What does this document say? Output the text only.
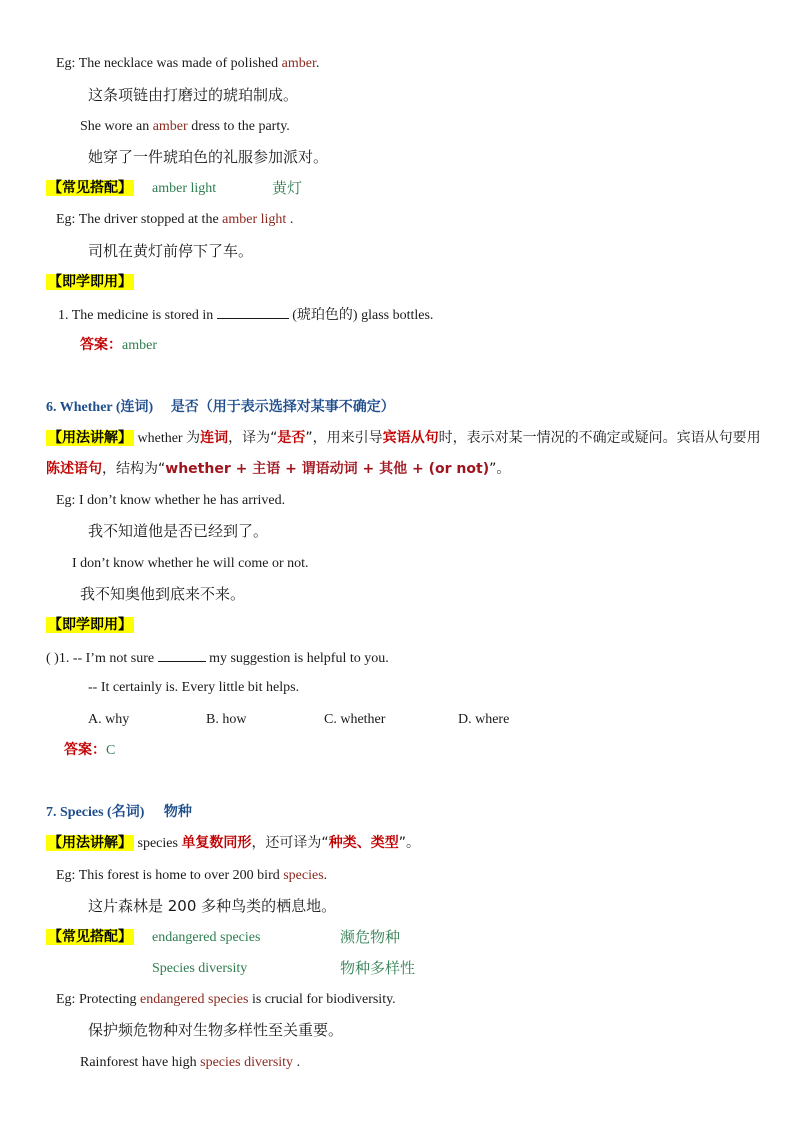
Eg: The necklace was made of polished amber.
这条项链由打磨过的琥珀制成。
She wore an amber dress to the party.
她穿了一件琥珀色的礼服参加派对。
【常见搭配】 amber light	黄灯
Eg: The driver stopped at the amber light .
司机在黄灯前停下了车。
【即学即用】
1. The medicine is stored in	(琥珀色的) glass bottles.
答案：amber
6. Whether (连词) 是否（用于表示选择对某事不确定）
【用法讲解】 whether 为连词，译为“是否”，用来引导宾语从句时，表示对某一情况的不确定或疑问。宾语从句要用陈述语句，结构为“whether + 主语 + 谓语动词 + 其他 + (or not)”。
Eg: I don’t know whether he has arrived.
我不知道他是否已经到了。
I don’t know whether he will come or not.
我不知奥他到底来不来。
【即学即用】
( )1. -- I’m not sure	my suggestion is helpful to you.
-- It certainly is. Every little bit helps.
A. why	B. how	C. whether	D. where
答案：C
7. Species (名词) 物种
【用法讲解】 species 单复数同形，还可译为“种类、类型”。
Eg: This forest is home to over 200 bird species.
这片森林是 200 多种鸟类的栖息地。
【常见搭配】 endangered species	濒危物种
Species diversity	物种多样性
Eg: Protecting endangered species is crucial for biodiversity.
保护频危物种对生物多样性至关重要。
Rainforest have high species diversity .
